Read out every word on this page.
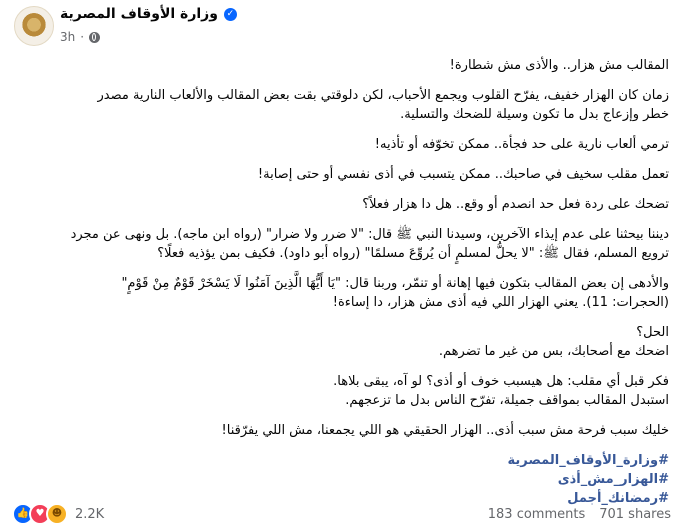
وزارة الأوقاف المصرية ✓
3h ·
المقالب مش هزار.. والأذى مش شطارة!
زمان كان الهزار خفيف، يفرّح القلوب ويجمع الأحباب، لكن دلوقتي بقت بعض المقالب والألعاب النارية مصدر
خطر وإزعاج بدل ما تكون وسيلة للضحك والتسلية.
ترمي ألعاب نارية على حد فجأة.. ممكن تخوّفه أو تأذيه!
تعمل مقلب سخيف في صاحبك.. ممكن يتسبب في أذى نفسي أو حتى إصابة!
تضحك على ردة فعل حد انصدم أو وقع.. هل دا هزار فعلاً؟
ديننا بيحثنا على عدم إيذاء الآخرين، وسيدنا النبي ﷺ قال: "لا ضرر ولا ضرار" (رواه ابن ماجه). بل ونهى عن مجرد
ترويع المسلم، فقال ﷺ: "لا يحلُّ لمسلمٍ أن يُروِّعَ مسلمًا" (رواه أبو داود). فكيف بمن يؤذيه فعلًا؟
والأدهى إن بعض المقالب بتكون فيها إهانة أو تنمّر، وربنا قال: "يَا أَيُّهَا الَّذِينَ آمَنُوا لَا يَسْخَرْ قَوْمٌ مِنْ قَوْمٍ"
(الحجرات: 11). يعني الهزار اللي فيه أذى مش هزار، دا إساءة!
الحل؟
اضحك مع أصحابك، بس من غير ما تضرهم.
فكر قبل أي مقلب: هل هيسبب خوف أو أذى؟ لو آه، يبقى بلاها.
استبدل المقالب بمواقف جميلة، تفرّح الناس بدل ما تزعجهم.
خليك سبب فرحة مش سبب أذى.. الهزار الحقيقي هو اللي يجمعنا، مش اللي يفرّقنا!
#وزارة_الأوقاف_المصرية
#الهزار_مش_أذى
#رمضانك_أجمل
👍 ♥ ☻ 2.2K	183 comments 701 shares
